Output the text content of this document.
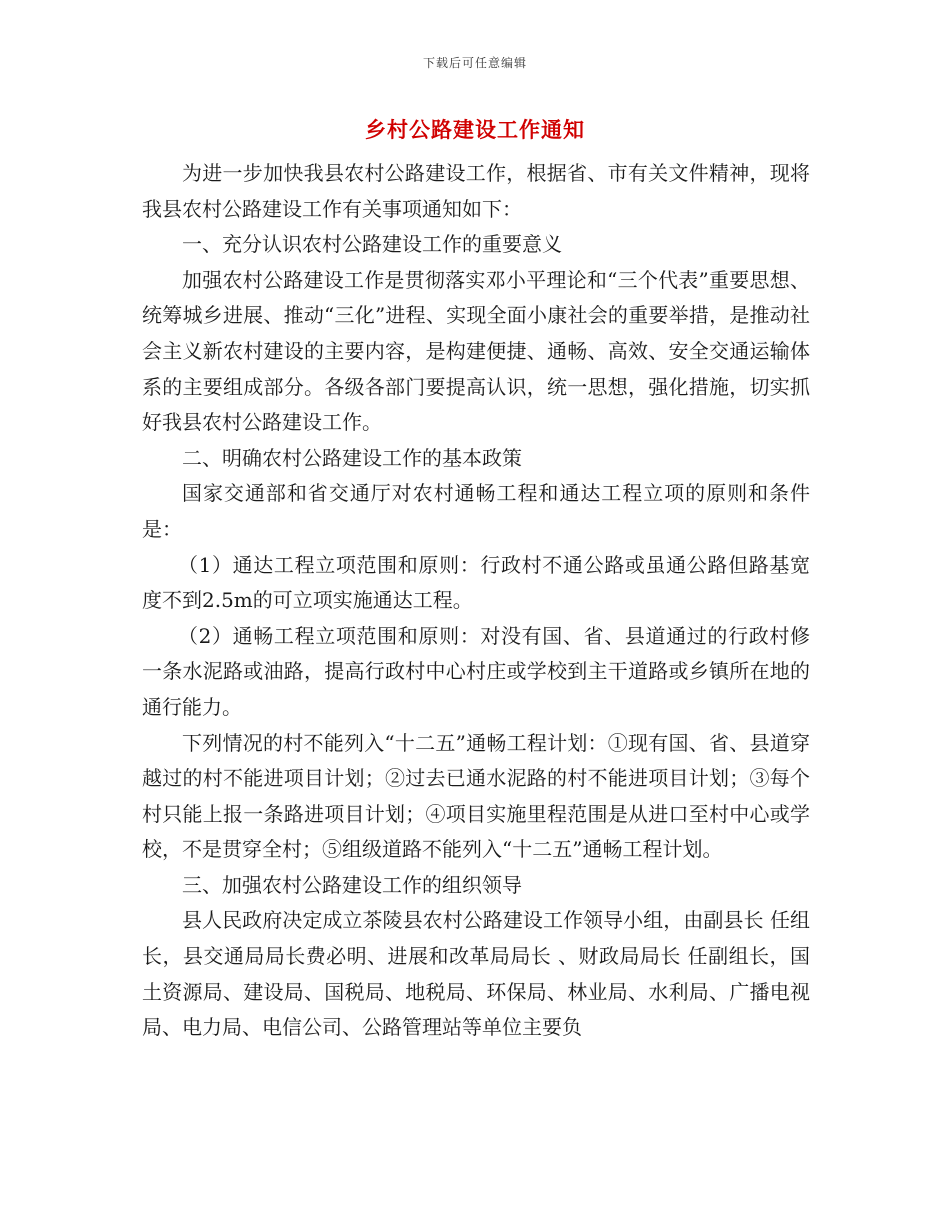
下载后可任意编辑
乡村公路建设工作通知

为进一步加快我县农村公路建设工作，根据省、市有关文件精神，现将我县农村公路建设工作有关事项通知如下：

一、充分认识农村公路建设工作的重要意义

加强农村公路建设工作是贯彻落实邓小平理论和“三个代表”重要思想、统筹城乡进展、推动“三化”进程、实现全面小康社会的重要举措，是推动社会主义新农村建设的主要内容，是构建便捷、通畅、高效、安全交通运输体系的主要组成部分。各级各部门要提高认识，统一思想，强化措施，切实抓好我县农村公路建设工作。

二、明确农村公路建设工作的基本政策

国家交通部和省交通厅对农村通畅工程和通达工程立项的原则和条件是：

（1）通达工程立项范围和原则：行政村不通公路或虽通公路但路基宽度不到2.5m的可立项实施通达工程。

（2）通畅工程立项范围和原则：对没有国、省、县道通过的行政村修一条水泥路或油路，提高行政村中心村庄或学校到主干道路或乡镇所在地的通行能力。

下列情况的村不能列入“十二五”通畅工程计划：①现有国、省、县道穿越过的村不能进项目计划；②过去已通水泥路的村不能进项目计划；③每个村只能上报一条路进项目计划；④项目实施里程范围是从进口至村中心或学校，不是贯穿全村；⑤组级道路不能列入“十二五”通畅工程计划。

三、加强农村公路建设工作的组织领导

县人民政府决定成立茶陵县农村公路建设工作领导小组，由副县长 任组长，县交通局局长费必明、进展和改革局局长 、财政局局长 任副组长，国土资源局、建设局、国税局、地税局、环保局、林业局、水利局、广播电视局、电力局、电信公司、公路管理站等单位主要负
